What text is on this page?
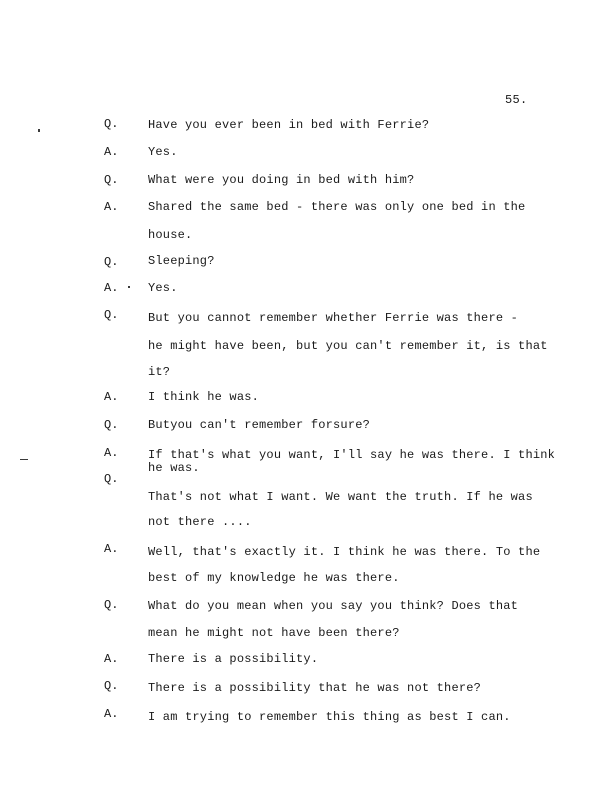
55.
Q.
A.
Q.
A.
Q.
A.
Q.
A.
Q.
A.
Q.
A.
Q.
A.
Q.
A.
Have you ever been in bed with Ferrie?
Yes.
What were you doing in bed with him?
Shared the same bed - there was only one bed in the
house.
Sleeping?
Yes.
But you cannot remember whether Ferrie was there -
he might have been, but you can't remember it, is that
it?
I think he was.
Butyou can't remember forsure?
If that's what you want, I'll say he was there. I think
he was.
That's not what I want. We want the truth. If he was
not there ....
Well, that's exactly it. I think he was there. To the
best of my knowledge he was there.
What do you mean when you say you think? Does that
mean he might not have been there?
There is a possibility.
There is a possibility that he was not there?
I am trying to remember this thing as best I can.
